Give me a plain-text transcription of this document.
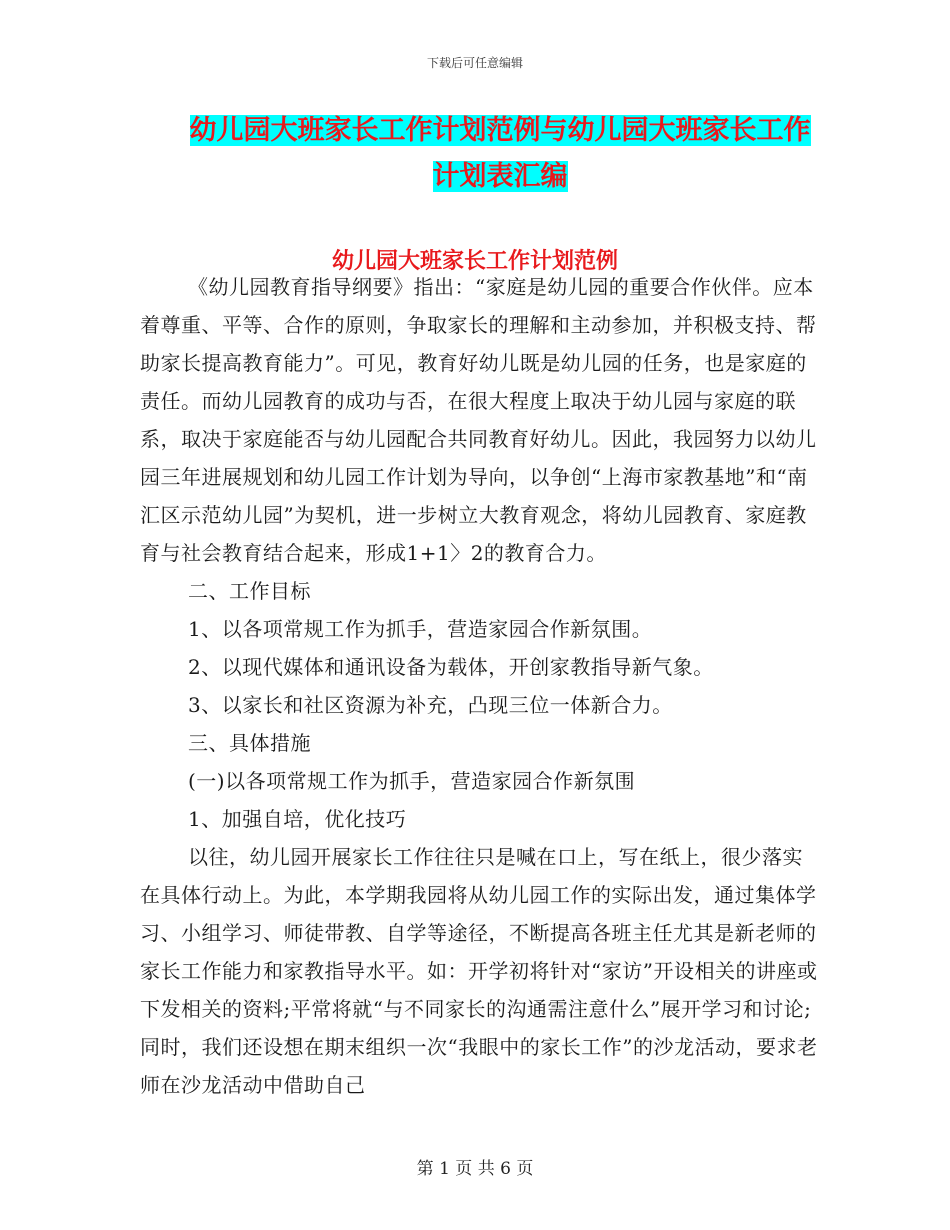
下载后可任意编辑
幼儿园大班家长工作计划范例与幼儿园大班家长工作
计划表汇编
幼儿园大班家长工作计划范例

《幼儿园教育指导纲要》指出：“家庭是幼儿园的重要合作伙伴。应本着尊重、平等、合作的原则，争取家长的理解和主动参加，并积极支持、帮助家长提高教育能力”。可见，教育好幼儿既是幼儿园的任务，也是家庭的责任。而幼儿园教育的成功与否，在很大程度上取决于幼儿园与家庭的联系，取决于家庭能否与幼儿园配合共同教育好幼儿。因此，我园努力以幼儿园三年进展规划和幼儿园工作计划为导向，以争创“上海市家教基地”和“南汇区示范幼儿园”为契机，进一步树立大教育观念，将幼儿园教育、家庭教育与社会教育结合起来，形成1+1〉2的教育合力。

二、工作目标

1、以各项常规工作为抓手，营造家园合作新氛围。

2、以现代媒体和通讯设备为载体，开创家教指导新气象。

3、以家长和社区资源为补充，凸现三位一体新合力。

三、具体措施

(一)以各项常规工作为抓手，营造家园合作新氛围

1、加强自培，优化技巧

以往，幼儿园开展家长工作往往只是喊在口上，写在纸上，很少落实在具体行动上。为此，本学期我园将从幼儿园工作的实际出发，通过集体学习、小组学习、师徒带教、自学等途径，不断提高各班主任尤其是新老师的家长工作能力和家教指导水平。如：开学初将针对“家访”开设相关的讲座或下发相关的资料;平常将就“与不同家长的沟通需注意什么”展开学习和讨论;同时，我们还设想在期末组织一次“我眼中的家长工作”的沙龙活动，要求老师在沙龙活动中借助自己

第 1 页 共 6 页
